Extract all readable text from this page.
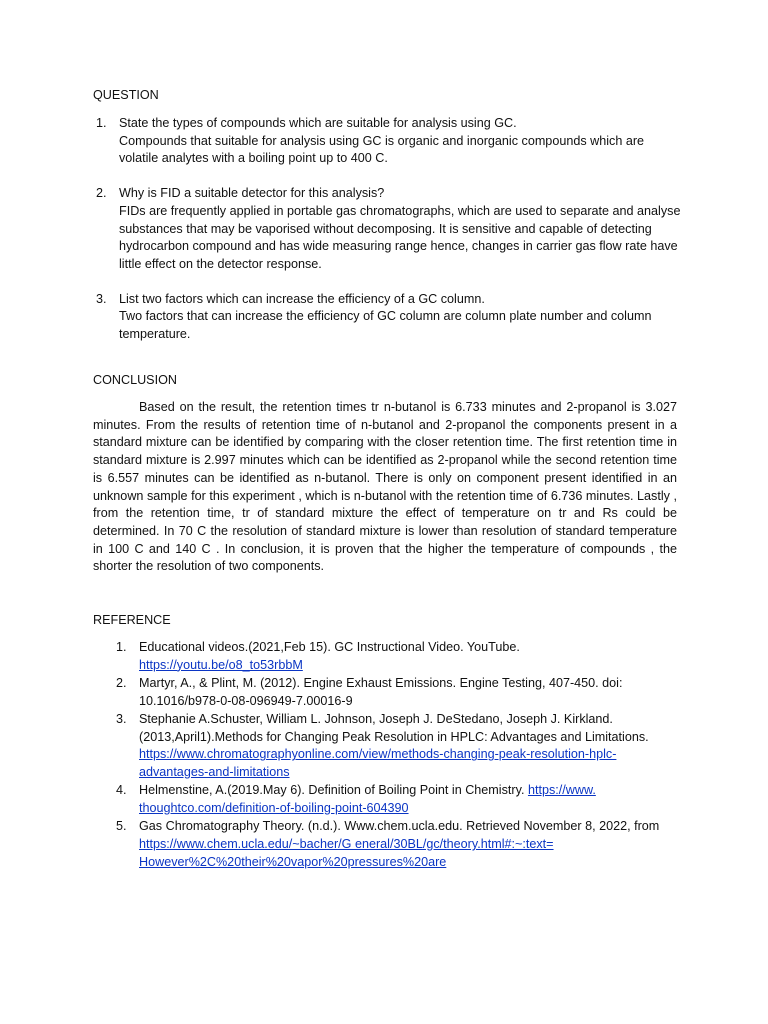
QUESTION
1. State the types of compounds which are suitable for analysis using GC.
Compounds that suitable for analysis using GC is organic and inorganic compounds which are volatile analytes with a boiling point up to 400 C.
2. Why is FID a suitable detector for this analysis?
FIDs are frequently applied in portable gas chromatographs, which are used to separate and analyse substances that may be vaporised without decomposing. It is sensitive and capable of detecting hydrocarbon compound and has wide measuring range hence, changes in carrier gas flow rate have little effect on the detector response.
3. List two factors which can increase the efficiency of a GC column.
Two factors that can increase the efficiency of GC column are column plate number and column temperature.
CONCLUSION

Based on the result, the retention times tr n-butanol is 6.733 minutes and 2-propanol is 3.027 minutes. From the results of retention time of n-butanol and 2-propanol the components present in a standard mixture can be identified by comparing with the closer retention time. The first retention time in standard mixture is 2.997 minutes which can be identified as 2-propanol while the second retention time is 6.557 minutes can be identified as n-butanol. There is only on component present identified in an unknown sample for this experiment , which is n-butanol with the retention time of 6.736 minutes. Lastly , from the retention time, tr of standard mixture the effect of temperature on tr and Rs could be determined. In 70 C the resolution of standard mixture is lower than resolution of standard temperature in 100 C and 140 C . In conclusion, it is proven that the higher the temperature of compounds , the shorter the resolution of two components.

REFERENCE
1. Educational videos.(2021,Feb 15). GC Instructional Video. YouTube.
https://youtu.be/o8_to53rbbM
2. Martyr, A., & Plint, M. (2012). Engine Exhaust Emissions. Engine Testing, 407-450. doi: 10.1016/b978-0-08-096949-7.00016-9
3. Stephanie A.Schuster, William L. Johnson, Joseph J. DeStedano, Joseph J. Kirkland. (2013,April1).Methods for Changing Peak Resolution in HPLC: Advantages and Limitations.
https://www.chromatographyonline.com/view/methods-changing-peak-resolution-hplc-advantages-and-limitations
4. Helmenstine, A.(2019.May 6). Definition of Boiling Point in Chemistry. https://www. thoughtco.com/definition-of-boiling-point-604390
5. Gas Chromatography Theory. (n.d.). Www.chem.ucla.edu. Retrieved November 8, 2022, from https://www.chem.ucla.edu/~bacher/G eneral/30BL/gc/theory.html#:~:text= However%2C%20their%20vapor%20pressures%20are
